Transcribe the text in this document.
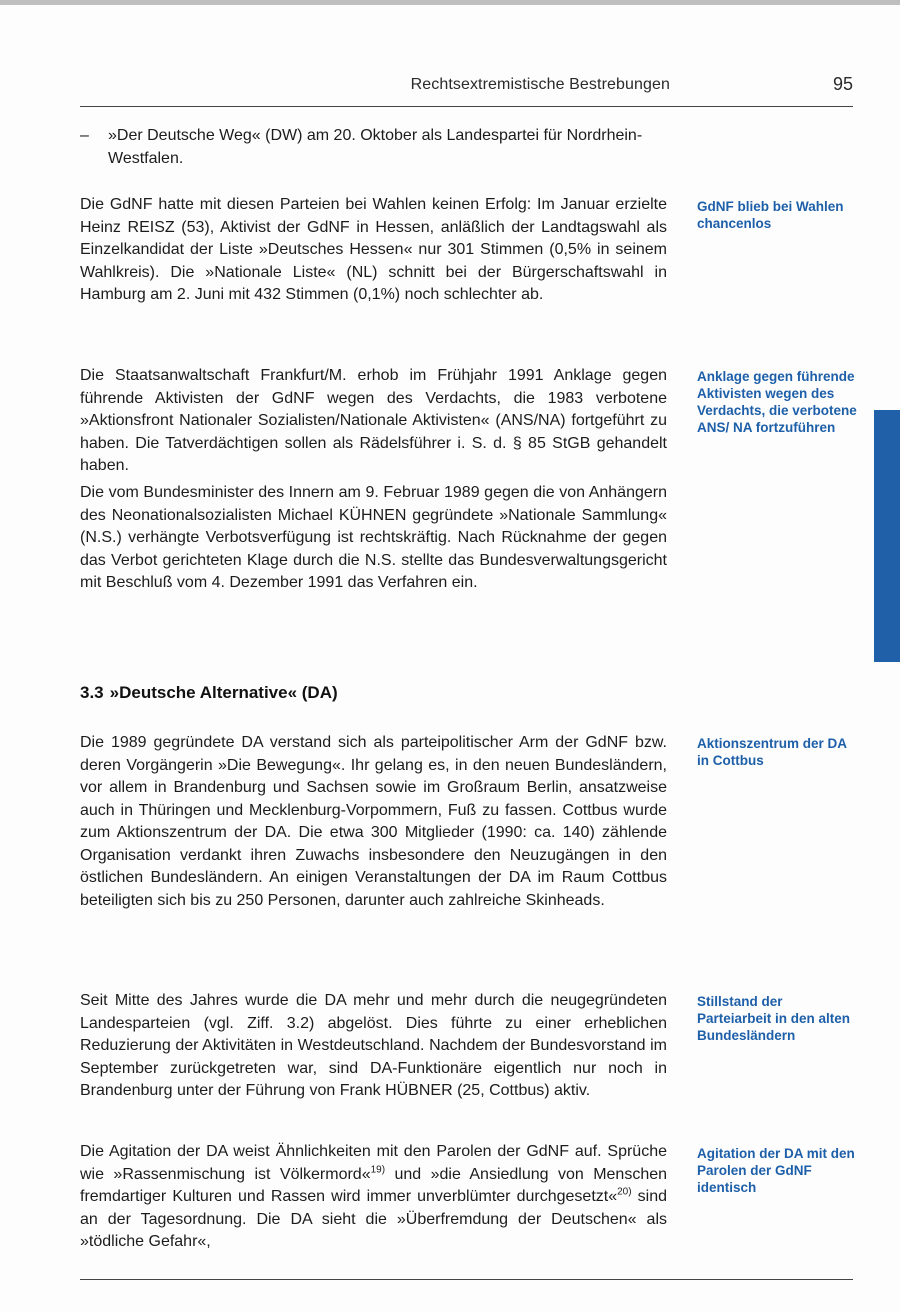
Rechtsextremistische Bestrebungen	95
–	»Der Deutsche Weg« (DW) am 20. Oktober als Landespartei für Nordrhein-Westfalen.

Die GdNF hatte mit diesen Parteien bei Wahlen keinen Erfolg: Im Januar erzielte Heinz REISZ (53), Aktivist der GdNF in Hessen, anläßlich der Landtagswahl als Einzelkandidat der Liste »Deutsches Hessen« nur 301 Stimmen (0,5% in seinem Wahlkreis). Die »Nationale Liste« (NL) schnitt bei der Bürgerschaftswahl in Hamburg am 2. Juni mit 432 Stimmen (0,1%) noch schlechter ab.

GdNF blieb bei Wahlen chancenlos

Die Staatsanwaltschaft Frankfurt/M. erhob im Frühjahr 1991 Anklage gegen führende Aktivisten der GdNF wegen des Verdachts, die 1983 verbotene »Aktionsfront Nationaler Sozialisten/Nationale Aktivisten« (ANS/NA) fortgeführt zu haben. Die Tatverdächtigen sollen als Rädelsführer i. S. d. § 85 StGB gehandelt haben.

Anklage gegen führende Aktivisten wegen des Verdachts, die verbotene ANS/ NA fortzuführen

Die vom Bundesminister des Innern am 9. Februar 1989 gegen die von Anhängern des Neonationalsozialisten Michael KÜHNEN gegründete »Nationale Sammlung« (N.S.) verhängte Verbotsverfügung ist rechtskräftig. Nach Rücknahme der gegen das Verbot gerichteten Klage durch die N.S. stellte das Bundesverwaltungsgericht mit Beschluß vom 4. Dezember 1991 das Verfahren ein.

3.3 »Deutsche Alternative« (DA)

Die 1989 gegründete DA verstand sich als parteipolitischer Arm der GdNF bzw. deren Vorgängerin »Die Bewegung«. Ihr gelang es, in den neuen Bundesländern, vor allem in Brandenburg und Sachsen sowie im Großraum Berlin, ansatzweise auch in Thüringen und Mecklenburg-Vorpommern, Fuß zu fassen. Cottbus wurde zum Aktionszentrum der DA. Die etwa 300 Mitglieder (1990: ca. 140) zählende Organisation verdankt ihren Zuwachs insbesondere den Neuzugängen in den östlichen Bundesländern. An einigen Veranstaltungen der DA im Raum Cottbus beteiligten sich bis zu 250 Personen, darunter auch zahlreiche Skinheads.

Aktionszentrum der DA in Cottbus

Seit Mitte des Jahres wurde die DA mehr und mehr durch die neugegründeten Landesparteien (vgl. Ziff. 3.2) abgelöst. Dies führte zu einer erheblichen Reduzierung der Aktivitäten in Westdeutschland. Nachdem der Bundesvorstand im September zurückgetreten war, sind DA-Funktionäre eigentlich nur noch in Brandenburg unter der Führung von Frank HÜBNER (25, Cottbus) aktiv.

Stillstand der Parteiarbeit in den alten Bundesländern

Die Agitation der DA weist Ähnlichkeiten mit den Parolen der GdNF auf. Sprüche wie »Rassenmischung ist Völkermord«$^{19)}$ und »die Ansiedlung von Menschen fremdartiger Kulturen und Rassen wird immer unverblümter durchgesetzt«$^{20)}$ sind an der Tagesordnung. Die DA sieht die »Überfremdung der Deutschen« als »tödliche Gefahr«,

Agitation der DA mit den Parolen der GdNF identisch
